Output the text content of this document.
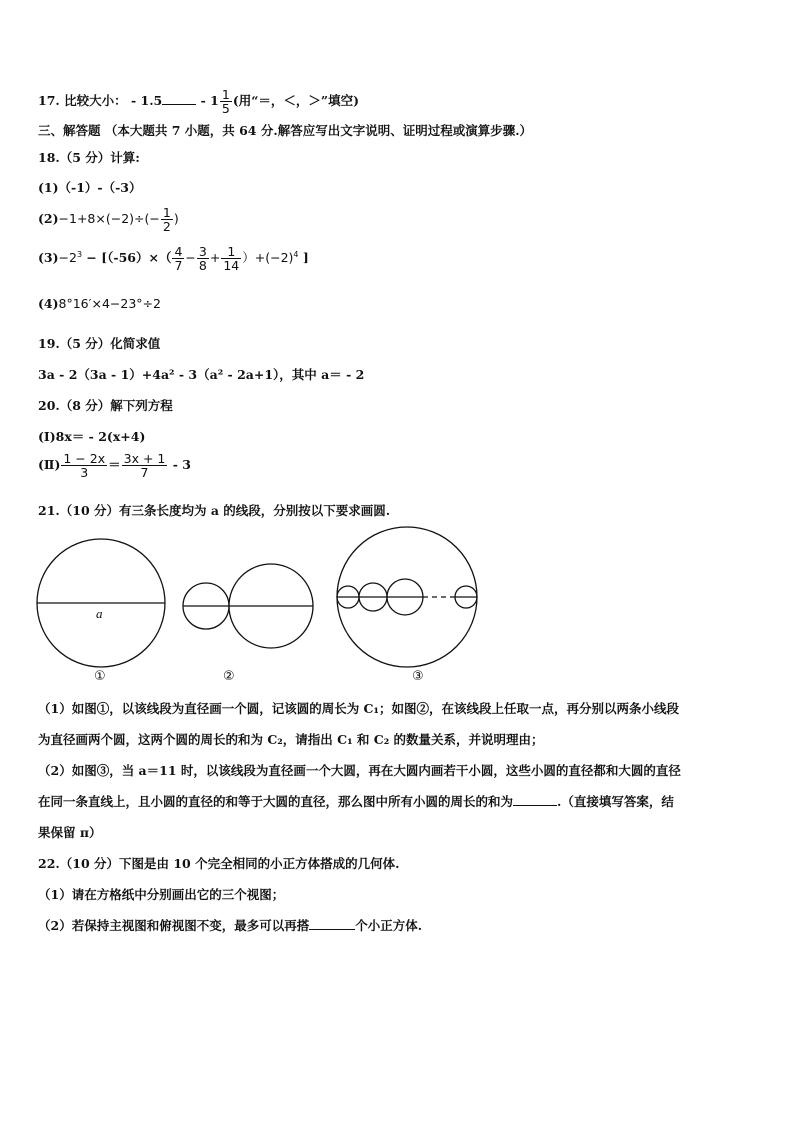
17. 比较大小： - 1.5	- $1 \frac{1}{5}$ (用“＝，＜，＞”填空)
三、解答题 （本大题共 7 小题，共 64 分.解答应写出文字说明、证明过程或演算步骤.）
18.（5 分）计算:
(1)（-1）-（-3）
$(2)-1+8\times(-2)\div(- \frac{1}{2}$ )
$(3)-2^3 - [(-56)\times( \frac{4}{7} - \frac{3}{8} + \frac{1}{14} )+(-2)^4$ ]
(4)8°16′×4−23°÷2
19.（5 分）化简求值
3a - 2（3a - 1）+4a² - 3（a² - 2a+1），其中 a＝ - 2
20.（8 分）解下列方程
(Ⅰ)8x＝ - 2(x+4)
(Ⅱ) $\frac{1 - 2x}{3} = \frac{3x + 1}{7} - 3$
21.（10 分）有三条长度均为 a 的线段，分别按以下要求画圆.
a
①	②	③
（1）如图①，以该线段为直径画一个圆，记该圆的周长为 C₁；如图②，在该线段上任取一点，再分别以两条小线段
为直径画两个圆，这两个圆的周长的和为 C₂，请指出 C₁ 和 C₂ 的数量关系，并说明理由；
（2）如图③，当 a＝11 时，以该线段为直径画一个大圆，再在大圆内画若干小圆，这些小圆的直径都和大圆的直径
在同一条直线上，且小圆的直径的和等于大圆的直径，那么图中所有小圆的周长的和为	.（直接填写答案，结
果保留 π）
22.（10 分）下图是由 10 个完全相同的小正方体搭成的几何体.
（1）请在方格纸中分别画出它的三个视图；
（2）若保持主视图和俯视图不变，最多可以再搭	个小正方体.
